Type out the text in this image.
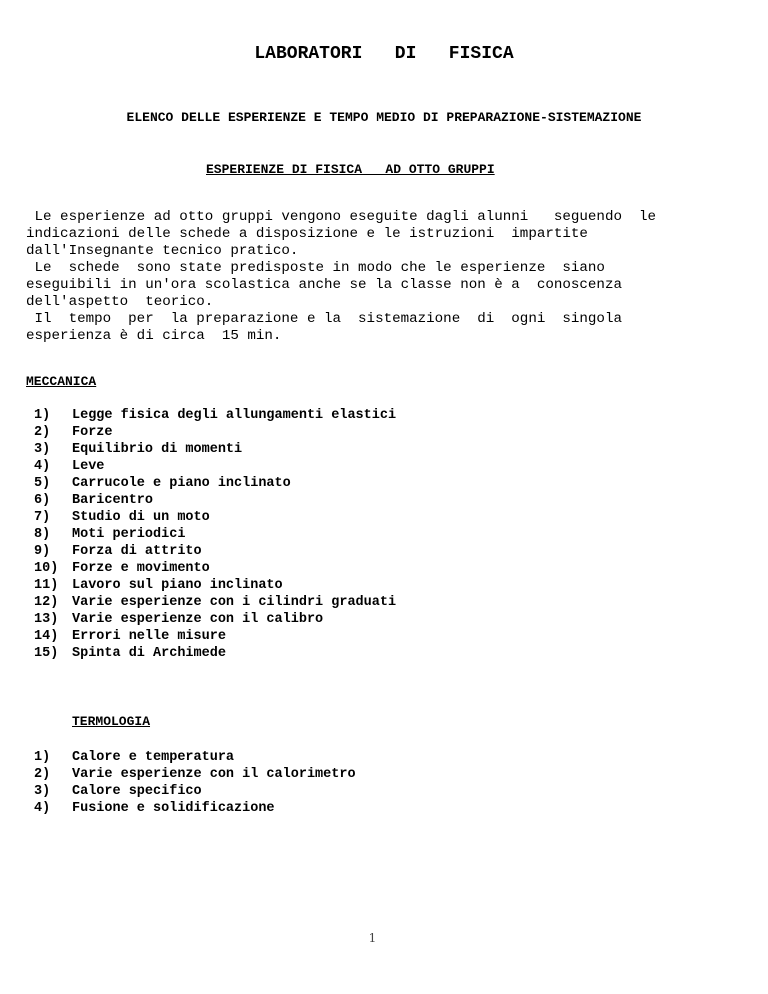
LABORATORI   DI   FISICA
ELENCO DELLE ESPERIENZE E TEMPO MEDIO DI PREPARAZIONE-SISTEMAZIONE
ESPERIENZE DI FISICA   AD OTTO GRUPPI
Le esperienze ad otto gruppi vengono eseguite dagli alunni   seguendo  le
indicazioni delle schede a disposizione e le istruzioni  impartite
dall'Insegnante tecnico pratico.
Le  schede  sono state predisposte in modo che le esperienze  siano
eseguibili in un'ora scolastica anche se la classe non è a  conoscenza
dell'aspetto  teorico.
Il  tempo  per  la preparazione e la  sistemazione  di  ogni  singola
esperienza è di circa  15 min.
MECCANICA
1)	Legge fisica degli allungamenti elastici
2)	Forze
3)	Equilibrio di momenti
4)	Leve
5)	Carrucole e piano inclinato
6)	Baricentro
7)	Studio di un moto
8)	Moti periodici
9)	Forza di attrito
10)	Forze e movimento
11)	Lavoro sul piano inclinato
12)	Varie esperienze con i cilindri graduati
13)	Varie esperienze con il calibro
14)	Errori nelle misure
15)	Spinta di Archimede
TERMOLOGIA
1)	Calore e temperatura
2)	Varie esperienze con il calorimetro
3)	Calore specifico
4)	Fusione e solidificazione
1
